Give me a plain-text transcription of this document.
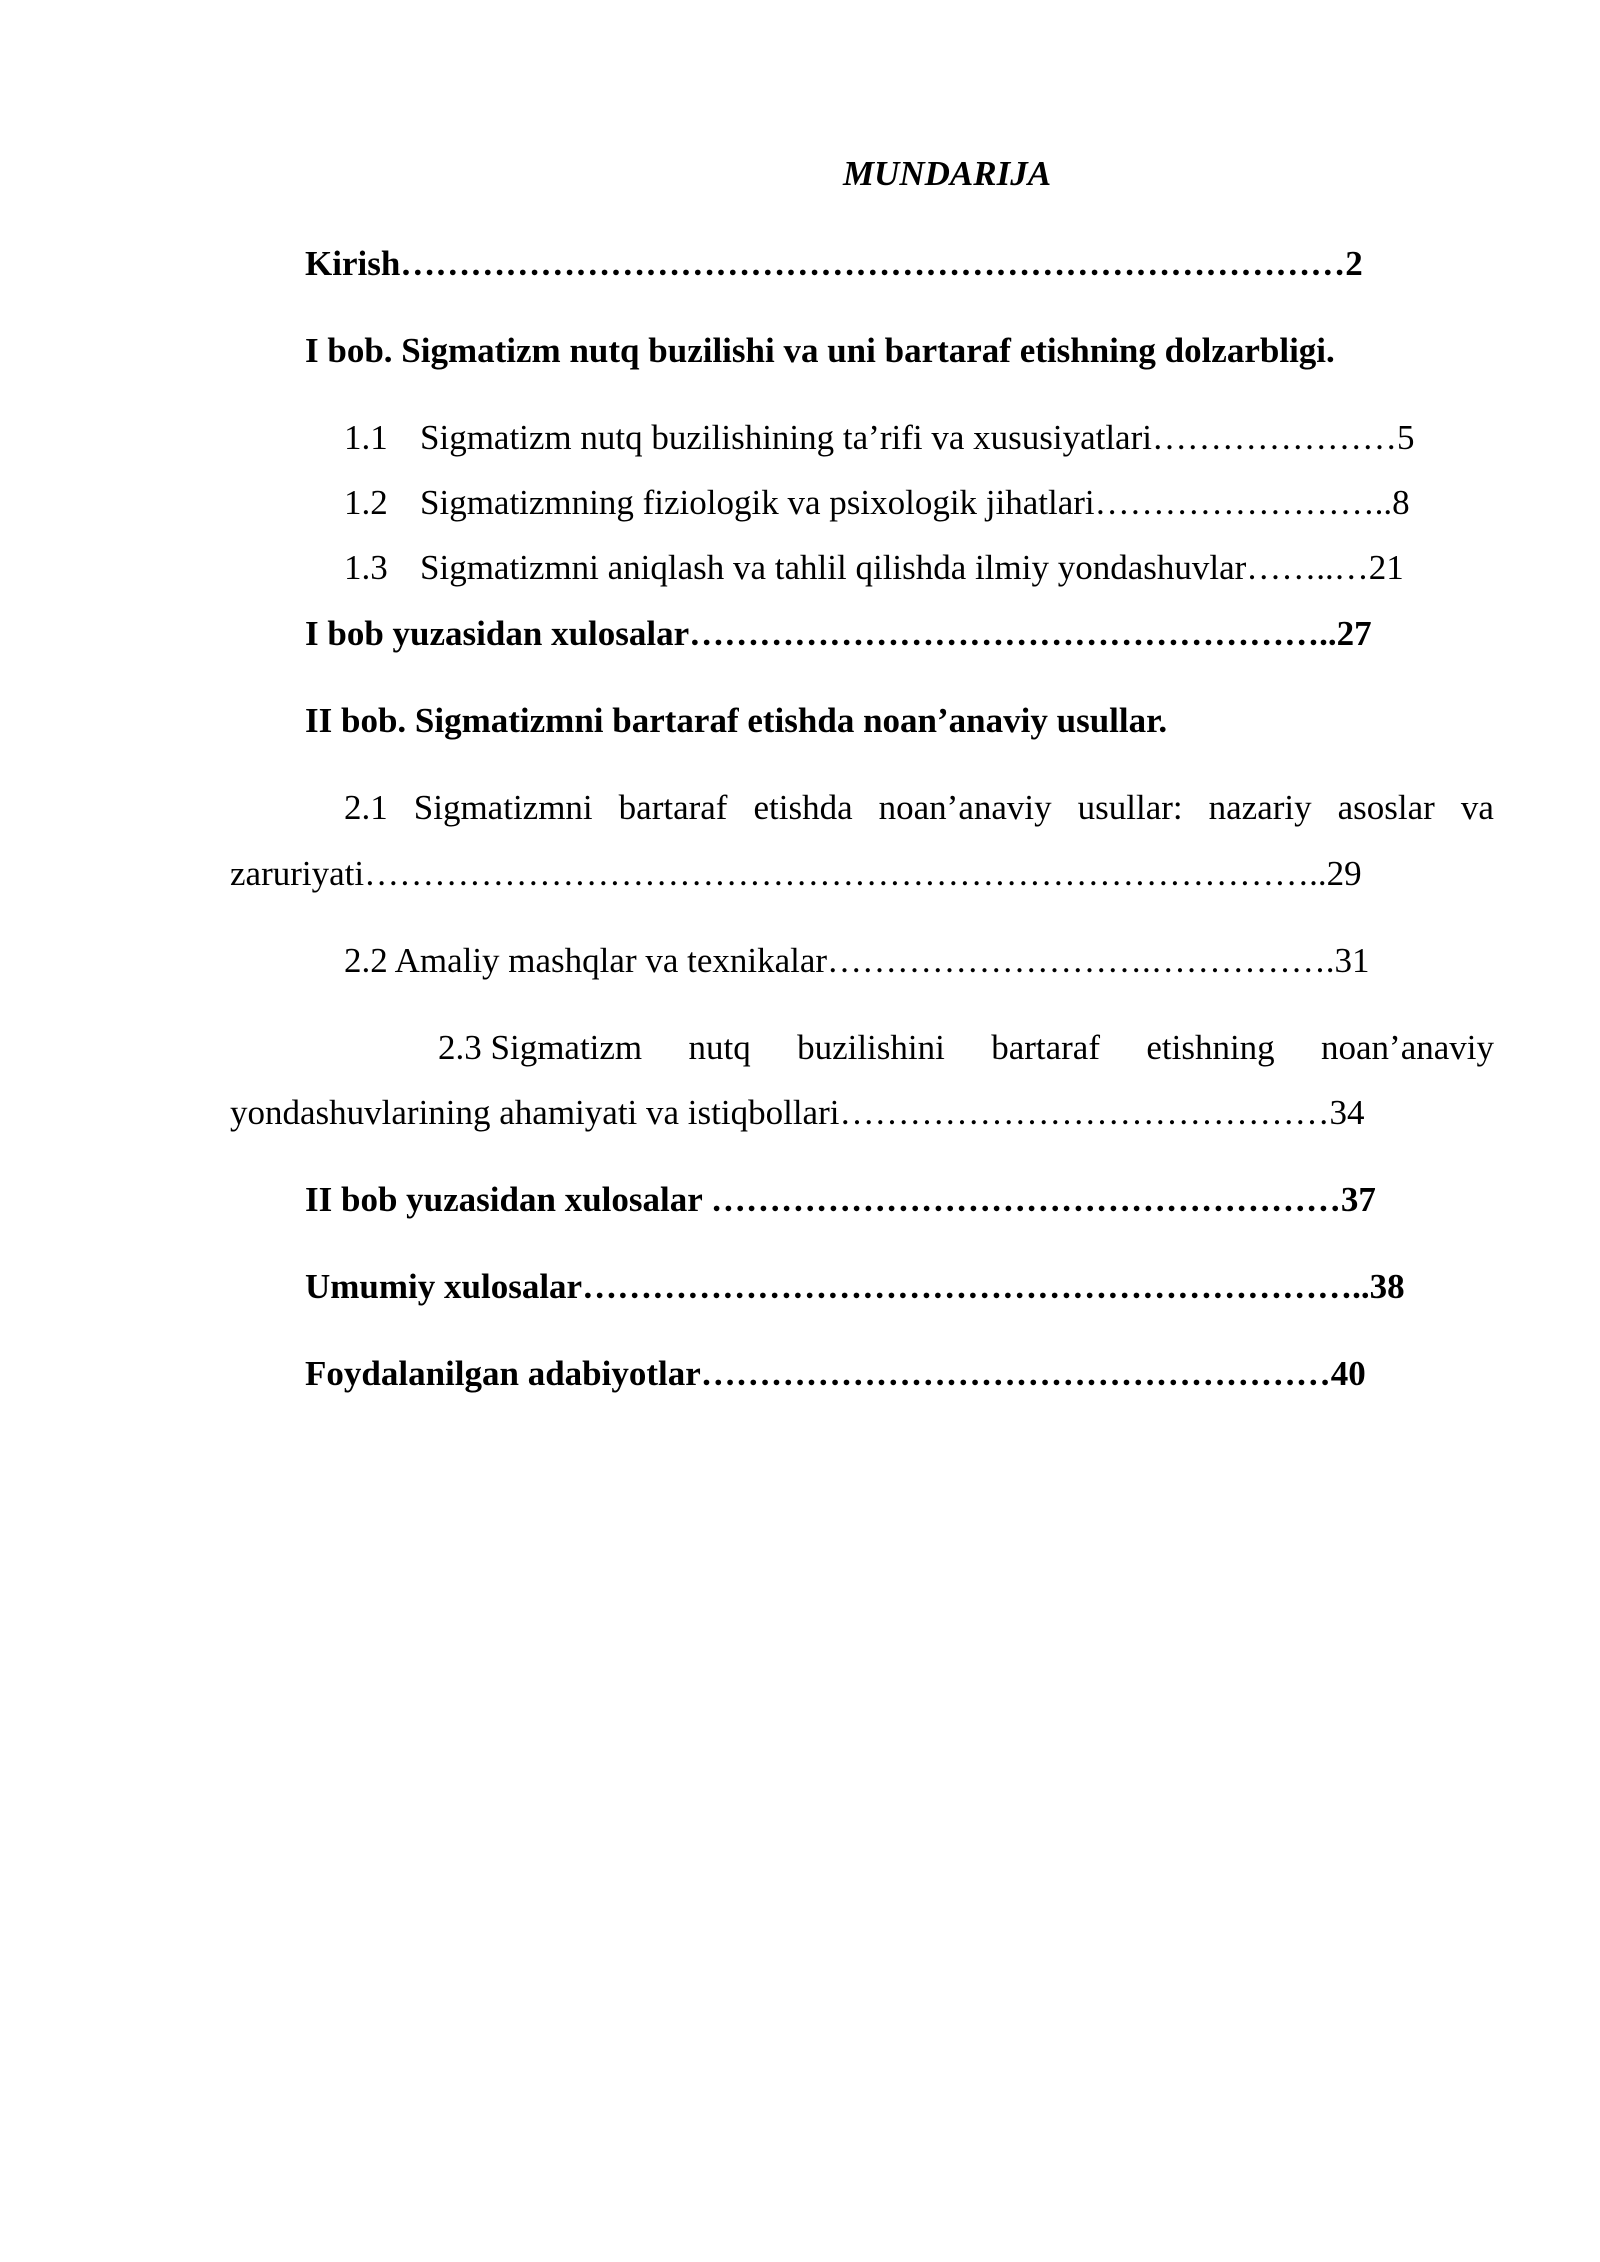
MUNDARIJA
Kirish………………………………………………………………………2
I bob. Sigmatizm nutq buzilishi va uni bartaraf etishning dolzarbligi.
1.1 Sigmatizm nutq buzilishining ta’rifi va xususiyatlari…………………5
1.2 Sigmatizmning fiziologik va psixologik jihatlari……………………..8
1.3 Sigmatizmni aniqlash va tahlil qilishda ilmiy yondashuvlar……..…21
I bob yuzasidan xulosalar………………………………………………..27
II bob. Sigmatizmni bartaraf etishda noan’anaviy usullar.
2.1 Sigmatizmni bartaraf etishda noan’anaviy usullar: nazariy asoslar va
zaruriyati………………………………………………………………………..29
2.2 Amaliy mashqlar va texnikalar……………………….…………….31
2.3 Sigmatizm nutq buzilishini bartaraf etishning noan’anaviy
yondashuvlarining ahamiyati va istiqbollari……………………………………34
II bob yuzasidan xulosalar ………………………………………………37
Umumiy xulosalar…………………………………………………………..38
Foydalanilgan adabiyotlar………………………………………………40
